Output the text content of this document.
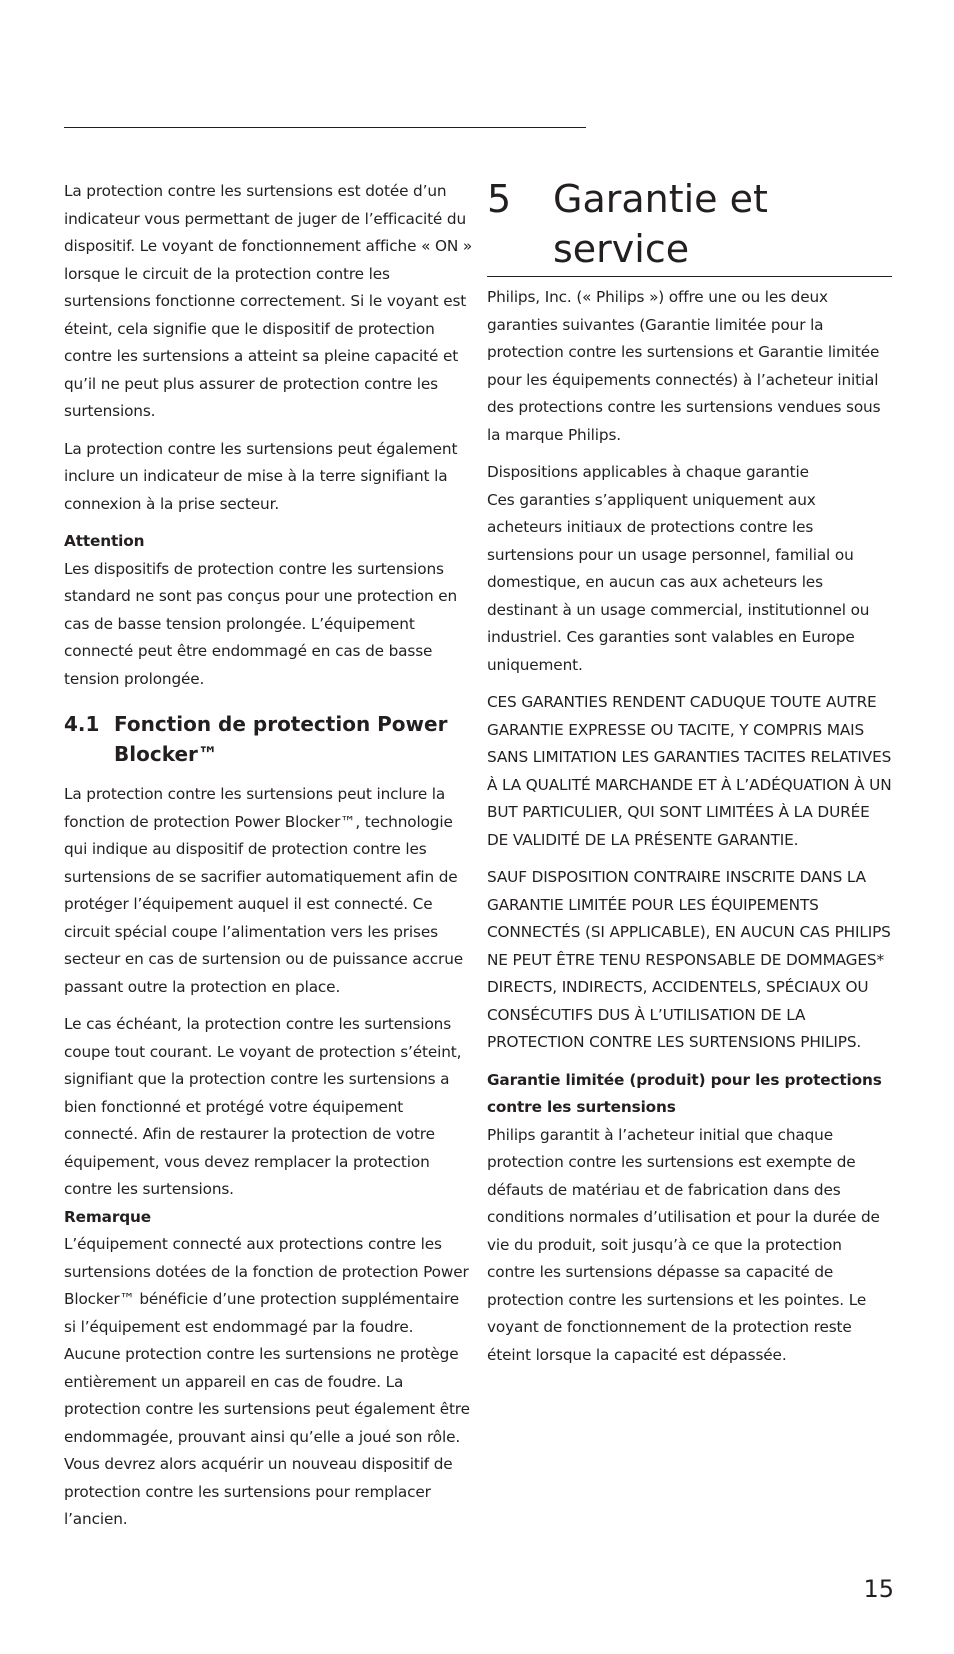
La protection contre les surtensions est dotée d’un indicateur vous permettant de juger de l’efficacité du dispositif. Le voyant de fonctionnement affiche « ON » lorsque le circuit de la protection contre les surtensions fonctionne correctement. Si le voyant est éteint, cela signifie que le dispositif de protection contre les surtensions a atteint sa pleine capacité et qu’il ne peut plus assurer de protection contre les surtensions.

La protection contre les surtensions peut également inclure un indicateur de mise à la terre signifiant la connexion à la prise secteur.

Attention

Les dispositifs de protection contre les surtensions standard ne sont pas conçus pour une protection en cas de basse tension prolongée. L’équipement connecté peut être endommagé en cas de basse tension prolongée.

4.1 Fonction de protection Power Blocker™

La protection contre les surtensions peut inclure la fonction de protection Power Blocker™, technologie qui indique au dispositif de protection contre les surtensions de se sacrifier automatiquement afin de protéger l’équipement auquel il est connecté. Ce circuit spécial coupe l’alimentation vers les prises secteur en cas de surtension ou de puissance accrue passant outre la protection en place.

Le cas échéant, la protection contre les surtensions coupe tout courant. Le voyant de protection s’éteint, signifiant que la protection contre les surtensions a bien fonctionné et protégé votre équipement connecté. Afin de restaurer la protection de votre équipement, vous devez remplacer la protection contre les surtensions.

Remarque

L’équipement connecté aux protections contre les surtensions dotées de la fonction de protection Power Blocker™ bénéficie d’une protection supplémentaire si l’équipement est endommagé par la foudre. Aucune protection contre les surtensions ne protège entièrement un appareil en cas de foudre. La protection contre les surtensions peut également être endommagée, prouvant ainsi qu’elle a joué son rôle. Vous devrez alors acquérir un nouveau dispositif de protection contre les surtensions pour remplacer l’ancien.

5 Garantie et service

Philips, Inc. (« Philips ») offre une ou les deux garanties suivantes (Garantie limitée pour la protection contre les surtensions et Garantie limitée pour les équipements connectés) à l’acheteur initial des protections contre les surtensions vendues sous la marque Philips.

Dispositions applicables à chaque garantie

Ces garanties s’appliquent uniquement aux acheteurs initiaux de protections contre les surtensions pour un usage personnel, familial ou domestique, en aucun cas aux acheteurs les destinant à un usage commercial, institutionnel ou industriel. Ces garanties sont valables en Europe uniquement.

CES GARANTIES RENDENT CADUQUE TOUTE AUTRE GARANTIE EXPRESSE OU TACITE, Y COMPRIS MAIS SANS LIMITATION LES GARANTIES TACITES RELATIVES À LA QUALITÉ MARCHANDE ET À L’ADÉQUATION À UN BUT PARTICULIER, QUI SONT LIMITÉES À LA DURÉE DE VALIDITÉ DE LA PRÉSENTE GARANTIE.

SAUF DISPOSITION CONTRAIRE INSCRITE DANS LA GARANTIE LIMITÉE POUR LES ÉQUIPEMENTS CONNECTÉS (SI APPLICABLE), EN AUCUN CAS PHILIPS NE PEUT ÊTRE TENU RESPONSABLE DE DOMMAGES* DIRECTS, INDIRECTS, ACCIDENTELS, SPÉCIAUX OU CONSÉCUTIFS DUS À L’UTILISATION DE LA PROTECTION CONTRE LES SURTENSIONS PHILIPS.

Garantie limitée (produit) pour les protections contre les surtensions

Philips garantit à l’acheteur initial que chaque protection contre les surtensions est exempte de défauts de matériau et de fabrication dans des conditions normales d’utilisation et pour la durée de vie du produit, soit jusqu’à ce que la protection contre les surtensions dépasse sa capacité de protection contre les surtensions et les pointes. Le voyant de fonctionnement de la protection reste éteint lorsque la capacité est dépassée.

15
